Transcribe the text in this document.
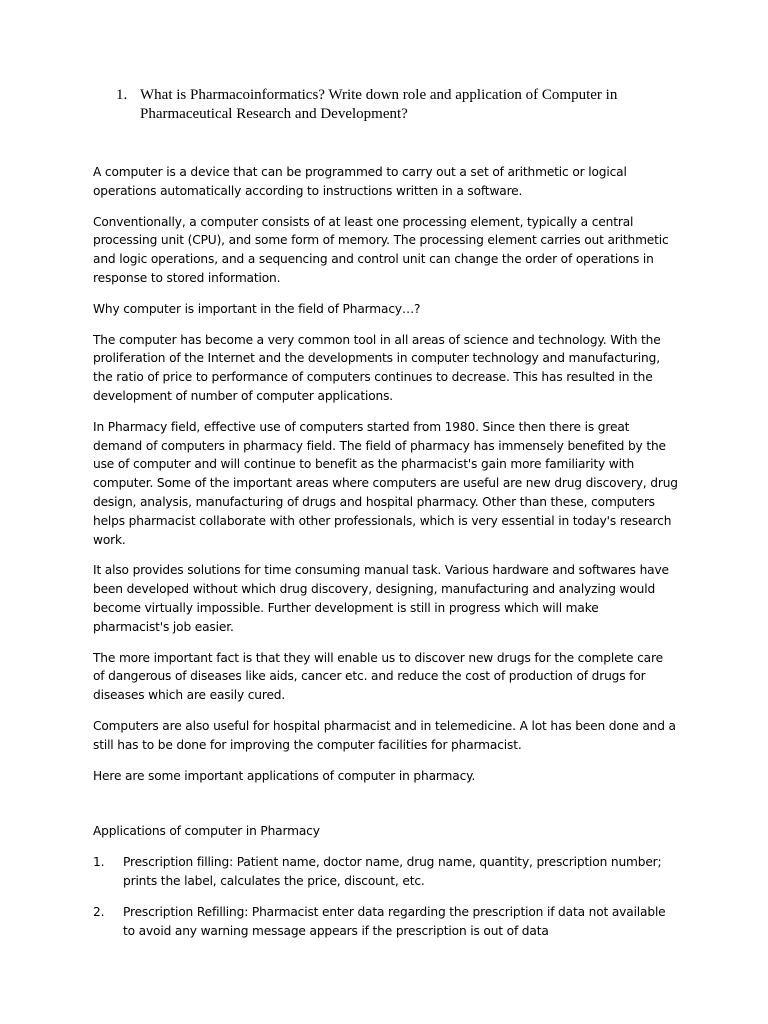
1. What is Pharmacoinformatics? Write down role and application of Computer in Pharmaceutical Research and Development?

A computer is a device that can be programmed to carry out a set of arithmetic or logical operations automatically according to instructions written in a software.

Conventionally, a computer consists of at least one processing element, typically a central processing unit (CPU), and some form of memory. The processing element carries out arithmetic and logic operations, and a sequencing and control unit can change the order of operations in response to stored information.

Why computer is important in the field of Pharmacy…?

The computer has become a very common tool in all areas of science and technology. With the proliferation of the Internet and the developments in computer technology and manufacturing, the ratio of price to performance of computers continues to decrease. This has resulted in the development of number of computer applications.

In Pharmacy field, effective use of computers started from 1980. Since then there is great demand of computers in pharmacy field. The field of pharmacy has immensely benefited by the use of computer and will continue to benefit as the pharmacist's gain more familiarity with computer. Some of the important areas where computers are useful are new drug discovery, drug design, analysis, manufacturing of drugs and hospital pharmacy. Other than these, computers helps pharmacist collaborate with other professionals, which is very essential in today's research work.

It also provides solutions for time consuming manual task. Various hardware and softwares have been developed without which drug discovery, designing, manufacturing and analyzing would become virtually impossible. Further development is still in progress which will make pharmacist's job easier.

The more important fact is that they will enable us to discover new drugs for the complete care of dangerous of diseases like aids, cancer etc. and reduce the cost of production of drugs for diseases which are easily cured.

Computers are also useful for hospital pharmacist and in telemedicine. A lot has been done and a still has to be done for improving the computer facilities for pharmacist.

Here are some important applications of computer in pharmacy.

Applications of computer in Pharmacy

1.	Prescription filling: Patient name, doctor name, drug name, quantity, prescription number; prints the label, calculates the price, discount, etc.

2.	Prescription Refilling: Pharmacist enter data regarding the prescription if data not available to avoid any warning message appears if the prescription is out of data
